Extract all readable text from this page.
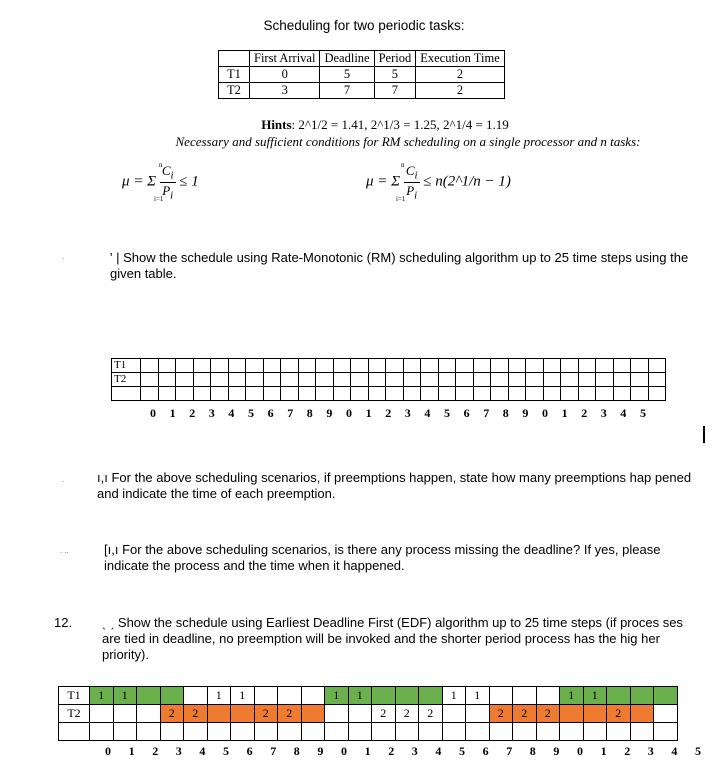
Scheduling for two periodic tasks:
	First Arrival	Deadline	Period	Execution Time
T1	0	5	5	2
T2	3	7	7	2
Hints: 2^1/2 = 1.41, 2^1/3 = 1.25, 2^1/4 = 1.19
Necessary and sufficient conditions for RM scheduling on a single processor and n tasks:
μ = Σ $\frac{C_i}{P_i} \le 1$
n
i=1
μ = Σ $\frac{C_i}{P_i}$ ≤ n(2^1/n − 1)
n
i=1
.	' | Show the schedule using Rate-Monotonic (RM) scheduling algorithm up to 25 time steps using the given table.
T1																														
T2																														

0 1 2 3 4 5 6 7 8 9 0 1 2 3 4 5 6 7 8 9 0 1 2 3 4 5
.	ı,ı For the above scheduling scenarios, if preemptions happen, state how many preemptions hap pened and indicate the time of each preemption.
. ..	[ı,ı For the above scheduling scenarios, is there any process missing the deadline? If yes, please indicate the process and the time when it happened.
12. ˎ ˏ Show the schedule using Earliest Deadline First (EDF) algorithm up to 25 time steps (if proces ses are tied in deadline, no preemption will be invoked and the shorter period process has the hig her priority).
T1	1	1				1	1				1	1				1	1				1	1			
T2				2	2			2	2				2	2	2			2	2	2			2		

0 1 2 3 4 5 6 7 8 9 0 1 2 3 4 5 6 7 8 9 0 1 2 3 4 5
